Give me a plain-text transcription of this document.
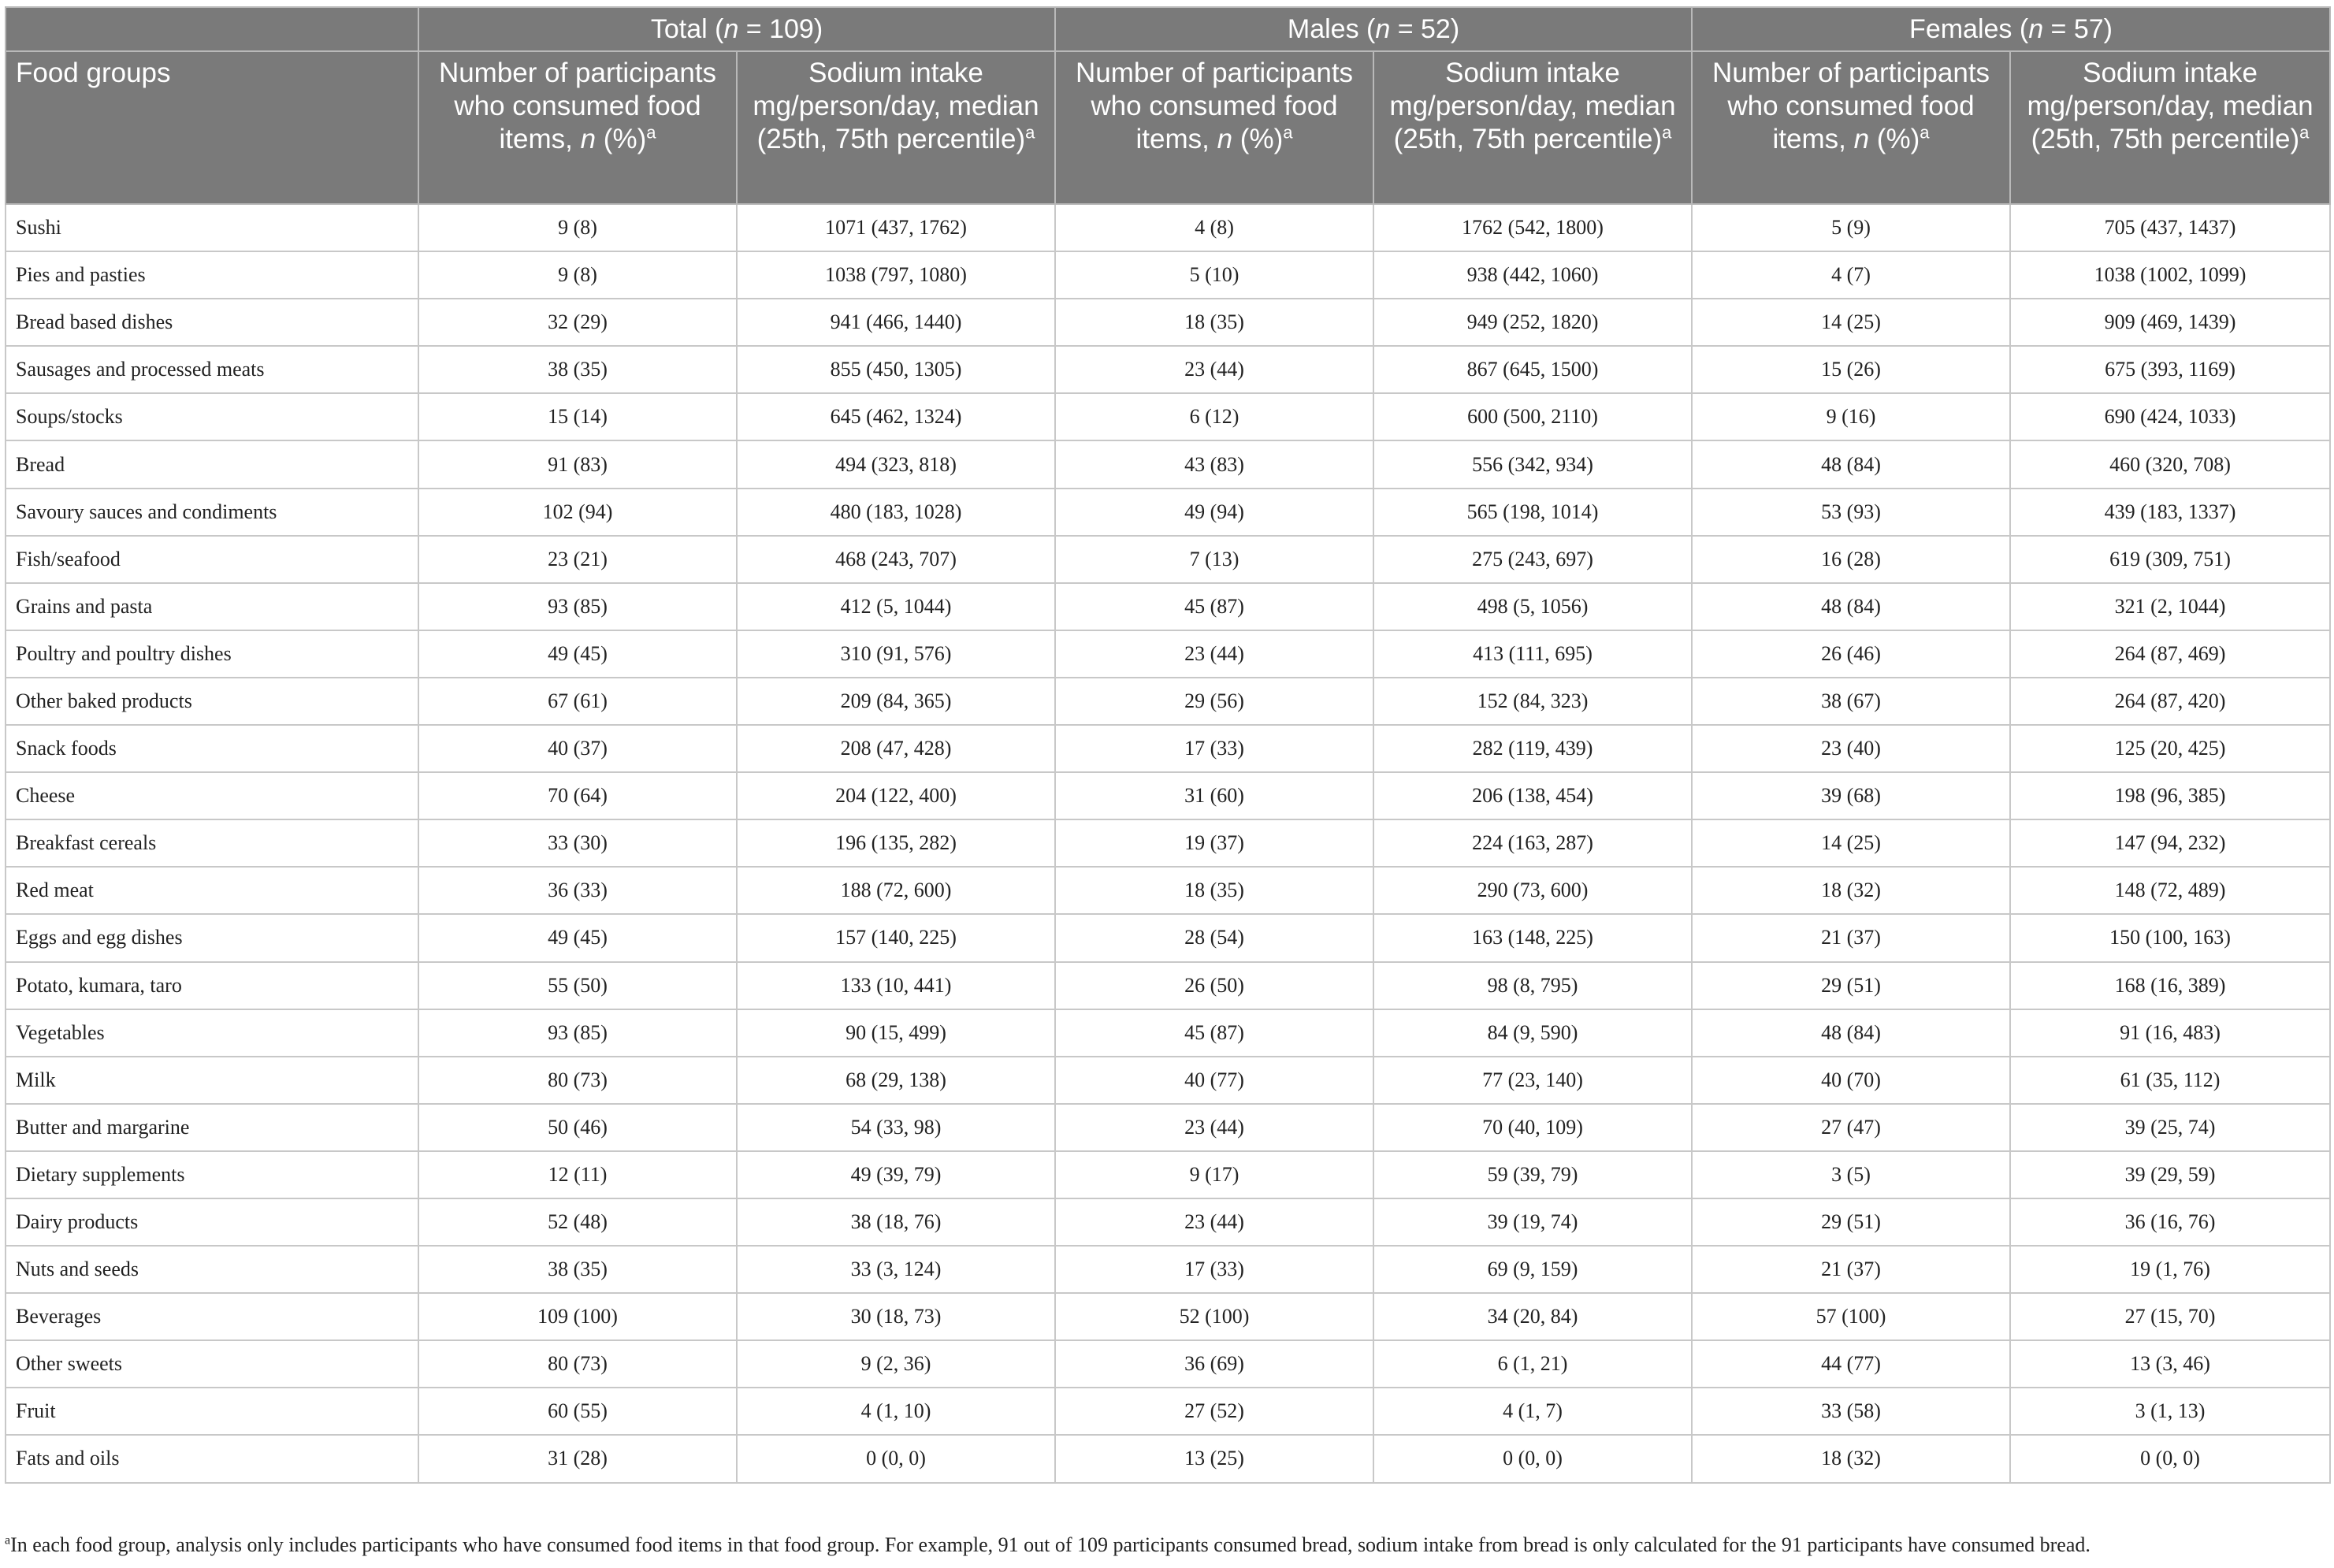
	Total (n = 109)		Males (n = 52)		Females (n = 57)	
Food groups	Number of participants who consumed food items, n (%)$^a$	Sodium intake mg/person/day, median (25th, 75th percentile)$^a$	Number of participants who consumed food items, n (%)$^a$	Sodium intake mg/person/day, median (25th, 75th percentile)$^a$	Number of participants who consumed food items, n (%)$^a$	Sodium intake mg/person/day, median (25th, 75th percentile)$^a$
Sushi	9 (8)	1071 (437, 1762)	4 (8)	1762 (542, 1800)	5 (9)	705 (437, 1437)
Pies and pasties	9 (8)	1038 (797, 1080)	5 (10)	938 (442, 1060)	4 (7)	1038 (1002, 1099)
Bread based dishes	32 (29)	941 (466, 1440)	18 (35)	949 (252, 1820)	14 (25)	909 (469, 1439)
Sausages and processed meats	38 (35)	855 (450, 1305)	23 (44)	867 (645, 1500)	15 (26)	675 (393, 1169)
Soups/stocks	15 (14)	645 (462, 1324)	6 (12)	600 (500, 2110)	9 (16)	690 (424, 1033)
Bread	91 (83)	494 (323, 818)	43 (83)	556 (342, 934)	48 (84)	460 (320, 708)
Savoury sauces and condiments	102 (94)	480 (183, 1028)	49 (94)	565 (198, 1014)	53 (93)	439 (183, 1337)
Fish/seafood	23 (21)	468 (243, 707)	7 (13)	275 (243, 697)	16 (28)	619 (309, 751)
Grains and pasta	93 (85)	412 (5, 1044)	45 (87)	498 (5, 1056)	48 (84)	321 (2, 1044)
Poultry and poultry dishes	49 (45)	310 (91, 576)	23 (44)	413 (111, 695)	26 (46)	264 (87, 469)
Other baked products	67 (61)	209 (84, 365)	29 (56)	152 (84, 323)	38 (67)	264 (87, 420)
Snack foods	40 (37)	208 (47, 428)	17 (33)	282 (119, 439)	23 (40)	125 (20, 425)
Cheese	70 (64)	204 (122, 400)	31 (60)	206 (138, 454)	39 (68)	198 (96, 385)
Breakfast cereals	33 (30)	196 (135, 282)	19 (37)	224 (163, 287)	14 (25)	147 (94, 232)
Red meat	36 (33)	188 (72, 600)	18 (35)	290 (73, 600)	18 (32)	148 (72, 489)
Eggs and egg dishes	49 (45)	157 (140, 225)	28 (54)	163 (148, 225)	21 (37)	150 (100, 163)
Potato, kumara, taro	55 (50)	133 (10, 441)	26 (50)	98 (8, 795)	29 (51)	168 (16, 389)
Vegetables	93 (85)	90 (15, 499)	45 (87)	84 (9, 590)	48 (84)	91 (16, 483)
Milk	80 (73)	68 (29, 138)	40 (77)	77 (23, 140)	40 (70)	61 (35, 112)
Butter and margarine	50 (46)	54 (33, 98)	23 (44)	70 (40, 109)	27 (47)	39 (25, 74)
Dietary supplements	12 (11)	49 (39, 79)	9 (17)	59 (39, 79)	3 (5)	39 (29, 59)
Dairy products	52 (48)	38 (18, 76)	23 (44)	39 (19, 74)	29 (51)	36 (16, 76)
Nuts and seeds	38 (35)	33 (3, 124)	17 (33)	69 (9, 159)	21 (37)	19 (1, 76)
Beverages	109 (100)	30 (18, 73)	52 (100)	34 (20, 84)	57 (100)	27 (15, 70)
Other sweets	80 (73)	9 (2, 36)	36 (69)	6 (1, 21)	44 (77)	13 (3, 46)
Fruit	60 (55)	4 (1, 10)	27 (52)	4 (1, 7)	33 (58)	3 (1, 13)
Fats and oils	31 (28)	0 (0, 0)	13 (25)	0 (0, 0)	18 (32)	0 (0, 0)
$^a$In each food group, analysis only includes participants who have consumed food items in that food group. For example, 91 out of 109 participants consumed bread, sodium intake from bread is only calculated for the 91 participants have consumed bread.
